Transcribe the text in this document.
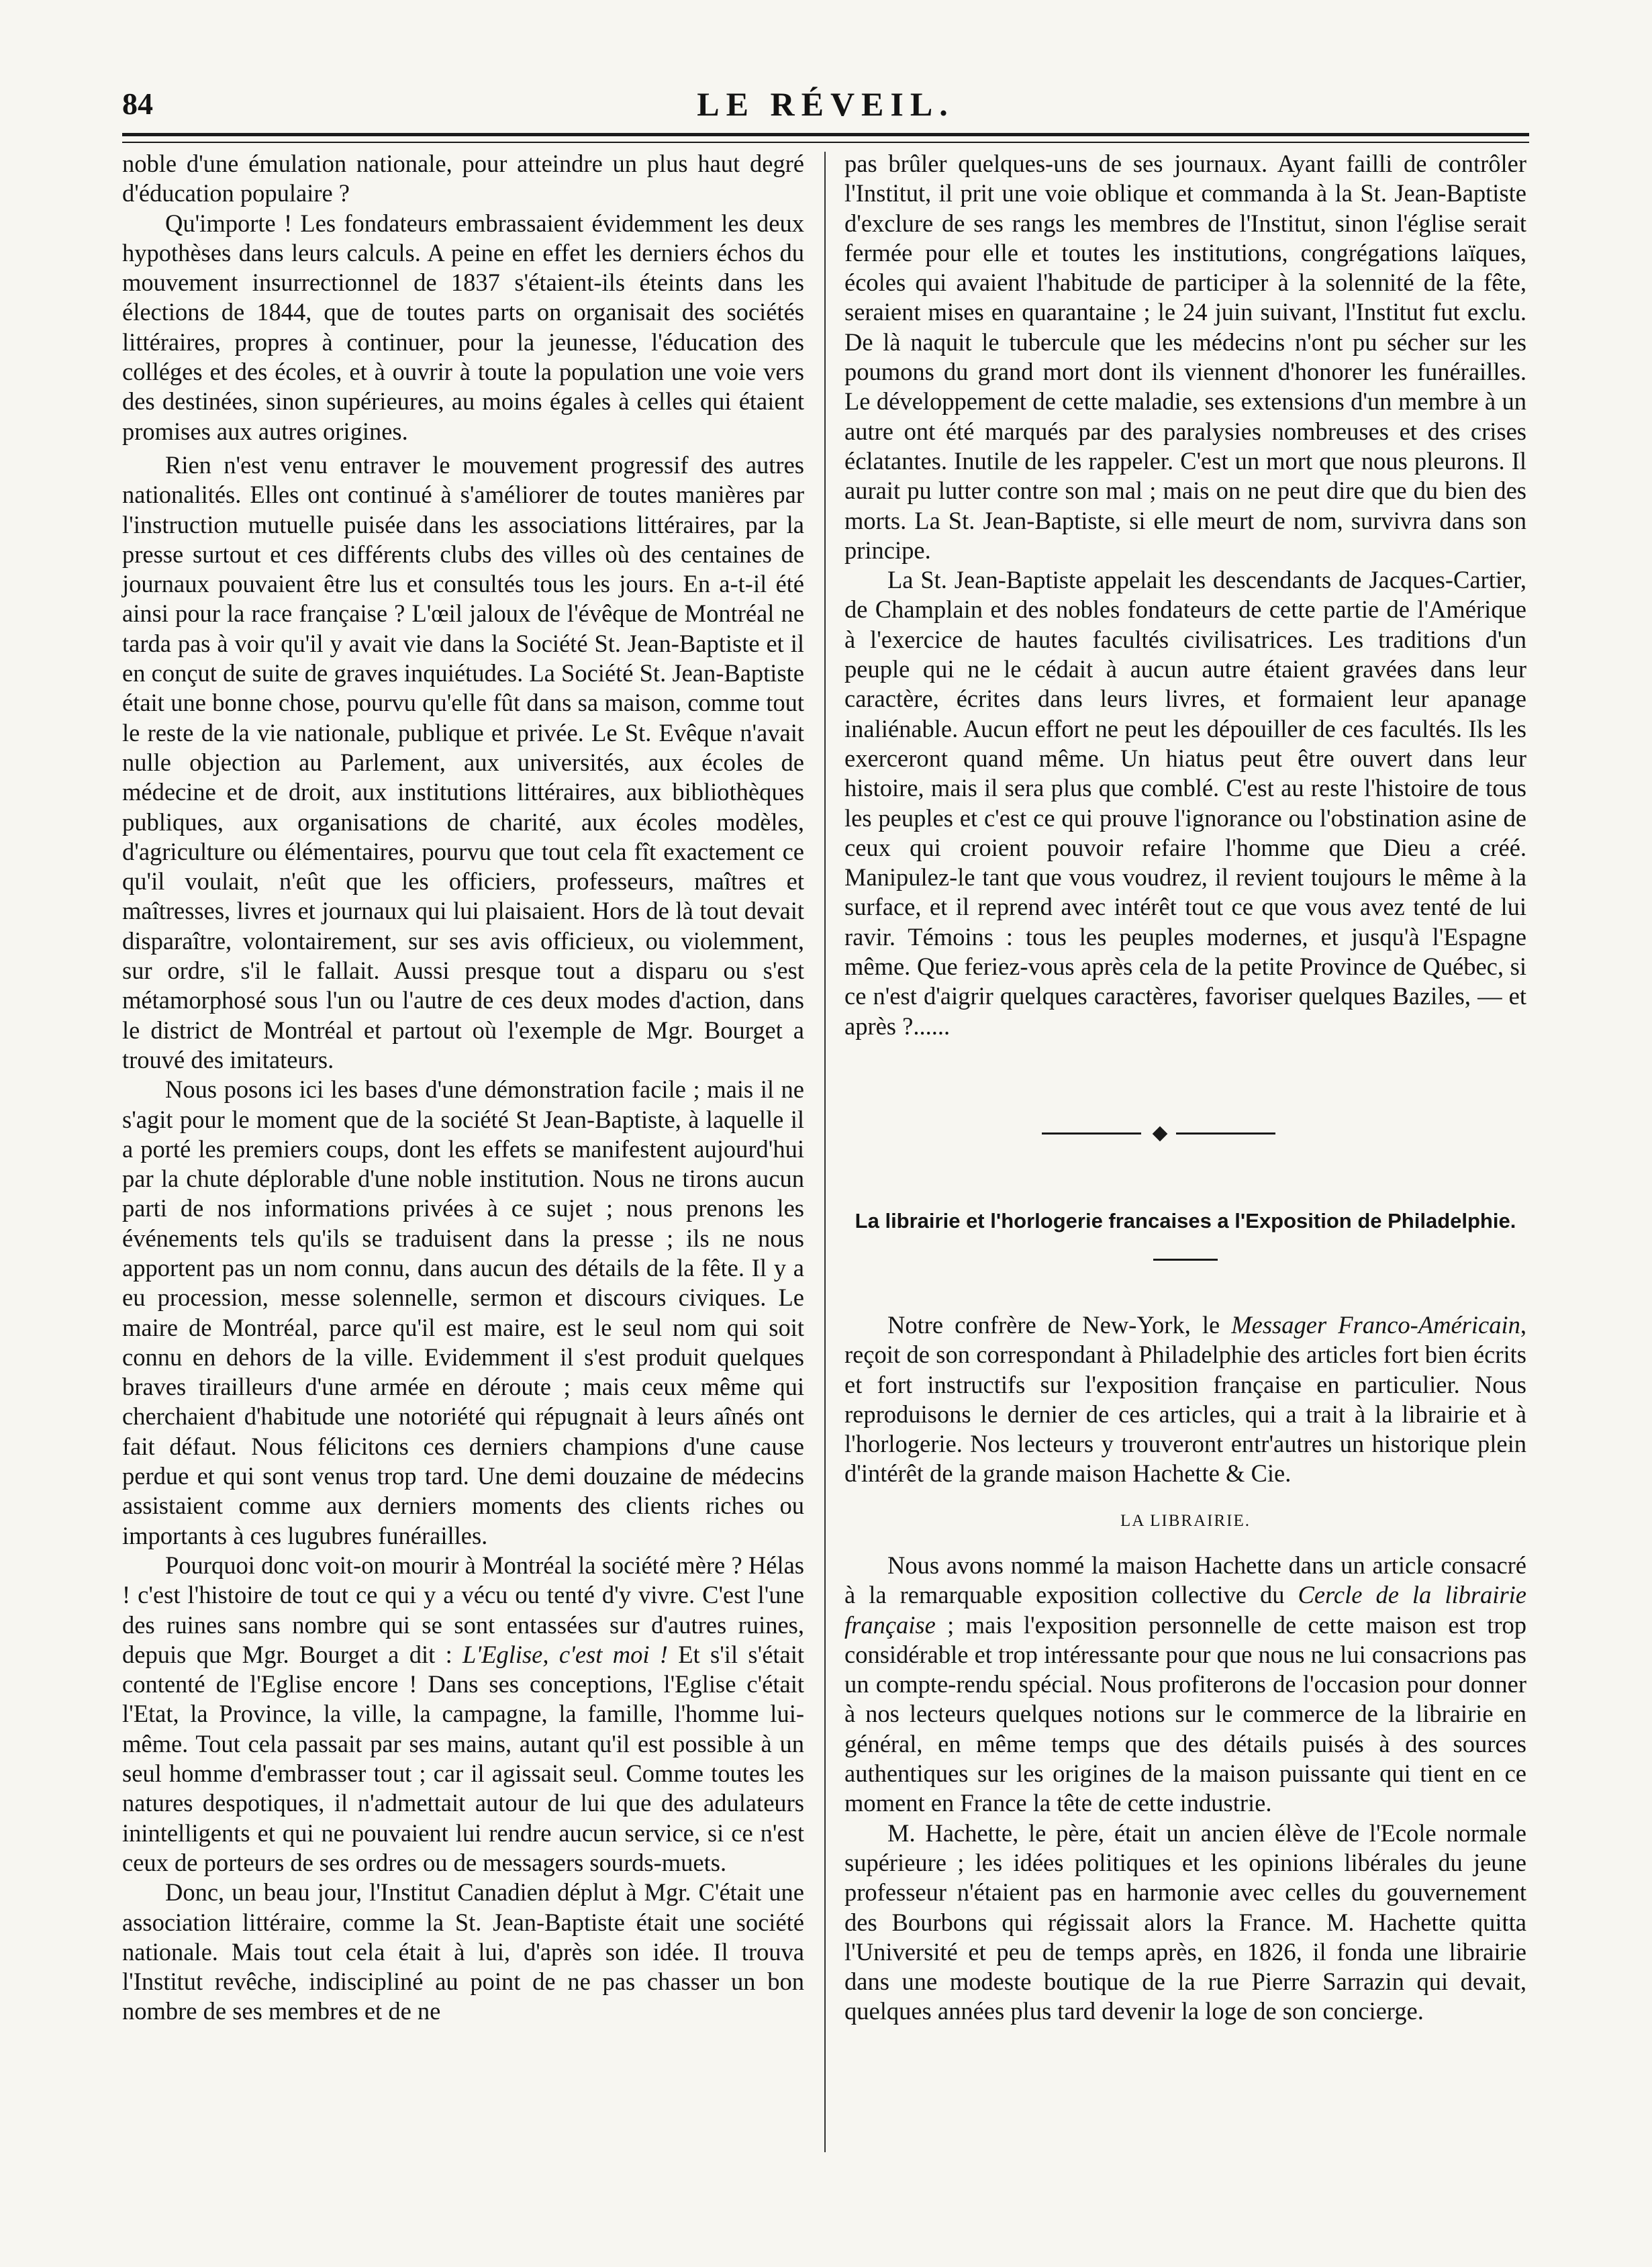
84	LE RÉVEIL.

noble d'une émulation nationale, pour atteindre un plus haut degré d'éducation populaire ?

Qu'importe ! Les fondateurs embrassaient évidemment les deux hypothèses dans leurs calculs. A peine en effet les derniers échos du mouvement insurrectionnel de 1837 s'étaient-ils éteints dans les élections de 1844, que de toutes parts on organisait des sociétés littéraires, propres à continuer, pour la jeunesse, l'éducation des colléges et des écoles, et à ouvrir à toute la population une voie vers des destinées, sinon supérieures, au moins égales à celles qui étaient promises aux autres origines.

Rien n'est venu entraver le mouvement progressif des autres nationalités. Elles ont continué à s'améliorer de toutes manières par l'instruction mutuelle puisée dans les associations littéraires, par la presse surtout et ces différents clubs des villes où des centaines de journaux pouvaient être lus et consultés tous les jours. En a-t-il été ainsi pour la race française ? L'œil jaloux de l'évêque de Montréal ne tarda pas à voir qu'il y avait vie dans la Société St. Jean-Baptiste et il en conçut de suite de graves inquiétudes. La Société St. Jean-Baptiste était une bonne chose, pourvu qu'elle fût dans sa maison, comme tout le reste de la vie nationale, publique et privée. Le St. Evêque n'avait nulle objection au Parlement, aux universités, aux écoles de médecine et de droit, aux institutions littéraires, aux bibliothèques publiques, aux organisations de charité, aux écoles modèles, d'agriculture ou élémentaires, pourvu que tout cela fît exactement ce qu'il voulait, n'eût que les officiers, professeurs, maîtres et maîtresses, livres et journaux qui lui plaisaient. Hors de là tout devait disparaître, volontairement, sur ses avis officieux, ou violemment, sur ordre, s'il le fallait. Aussi presque tout a disparu ou s'est métamorphosé sous l'un ou l'autre de ces deux modes d'action, dans le district de Montréal et partout où l'exemple de Mgr. Bourget a trouvé des imitateurs.

Nous posons ici les bases d'une démonstration facile ; mais il ne s'agit pour le moment que de la société St Jean-Baptiste, à laquelle il a porté les premiers coups, dont les effets se manifestent aujourd'hui par la chute déplorable d'une noble institution. Nous ne tirons aucun parti de nos informations privées à ce sujet ; nous prenons les événements tels qu'ils se traduisent dans la presse ; ils ne nous apportent pas un nom connu, dans aucun des détails de la fête. Il y a eu procession, messe solennelle, sermon et discours civiques. Le maire de Montréal, parce qu'il est maire, est le seul nom qui soit connu en dehors de la ville. Evidemment il s'est produit quelques braves tirailleurs d'une armée en déroute ; mais ceux même qui cherchaient d'habitude une notoriété qui répugnait à leurs aînés ont fait défaut. Nous félicitons ces derniers champions d'une cause perdue et qui sont venus trop tard. Une demi douzaine de médecins assistaient comme aux derniers moments des clients riches ou importants à ces lugubres funérailles.

Pourquoi donc voit-on mourir à Montréal la société mère ? Hélas ! c'est l'histoire de tout ce qui y a vécu ou tenté d'y vivre. C'est l'une des ruines sans nombre qui se sont entassées sur d'autres ruines, depuis que Mgr. Bourget a dit : L'Eglise, c'est moi ! Et s'il s'était contenté de l'Eglise encore ! Dans ses conceptions, l'Eglise c'était l'Etat, la Province, la ville, la campagne, la famille, l'homme lui-même. Tout cela passait par ses mains, autant qu'il est possible à un seul homme d'embrasser tout ; car il agissait seul. Comme toutes les natures despotiques, il n'admettait autour de lui que des adulateurs inintelligents et qui ne pouvaient lui rendre aucun service, si ce n'est ceux de porteurs de ses ordres ou de messagers sourds-muets.

Donc, un beau jour, l'Institut Canadien déplut à Mgr. C'était une association littéraire, comme la St. Jean-Baptiste était une société nationale. Mais tout cela était à lui, d'après son idée. Il trouva l'Institut revêche, indiscipliné au point de ne pas chasser un bon nombre de ses membres et de ne

pas brûler quelques-uns de ses journaux. Ayant failli de contrôler l'Institut, il prit une voie oblique et commanda à la St. Jean-Baptiste d'exclure de ses rangs les membres de l'Institut, sinon l'église serait fermée pour elle et toutes les institutions, congrégations laïques, écoles qui avaient l'habitude de participer à la solennité de la fête, seraient mises en quarantaine ; le 24 juin suivant, l'Institut fut exclu. De là naquit le tubercule que les médecins n'ont pu sécher sur les poumons du grand mort dont ils viennent d'honorer les funérailles. Le développement de cette maladie, ses extensions d'un membre à un autre ont été marqués par des paralysies nombreuses et des crises éclatantes. Inutile de les rappeler. C'est un mort que nous pleurons. Il aurait pu lutter contre son mal ; mais on ne peut dire que du bien des morts. La St. Jean-Baptiste, si elle meurt de nom, survivra dans son principe.

La St. Jean-Baptiste appelait les descendants de Jacques-Cartier, de Champlain et des nobles fondateurs de cette partie de l'Amérique à l'exercice de hautes facultés civilisatrices. Les traditions d'un peuple qui ne le cédait à aucun autre étaient gravées dans leur caractère, écrites dans leurs livres, et formaient leur apanage inaliénable. Aucun effort ne peut les dépouiller de ces facultés. Ils les exerceront quand même. Un hiatus peut être ouvert dans leur histoire, mais il sera plus que comblé. C'est au reste l'histoire de tous les peuples et c'est ce qui prouve l'ignorance ou l'obstination asine de ceux qui croient pouvoir refaire l'homme que Dieu a créé. Manipulez-le tant que vous voudrez, il revient toujours le même à la surface, et il reprend avec intérêt tout ce que vous avez tenté de lui ravir. Témoins : tous les peuples modernes, et jusqu'à l'Espagne même. Que feriez-vous après cela de la petite Province de Québec, si ce n'est d'aigrir quelques caractères, favoriser quelques Baziles, — et après ?......

La librairie et l'horlogerie francaises a l'Exposition de Philadelphie.

Notre confrère de New-York, le Messager Franco-Américain, reçoit de son correspondant à Philadelphie des articles fort bien écrits et fort instructifs sur l'exposition française en particulier. Nous reproduisons le dernier de ces articles, qui a trait à la librairie et à l'horlogerie. Nos lecteurs y trouveront entr'autres un historique plein d'intérêt de la grande maison Hachette & Cie.

LA LIBRAIRIE.

Nous avons nommé la maison Hachette dans un article consacré à la remarquable exposition collective du Cercle de la librairie française ; mais l'exposition personnelle de cette maison est trop considérable et trop intéressante pour que nous ne lui consacrions pas un compte-rendu spécial. Nous profiterons de l'occasion pour donner à nos lecteurs quelques notions sur le commerce de la librairie en général, en même temps que des détails puisés à des sources authentiques sur les origines de la maison puissante qui tient en ce moment en France la tête de cette industrie.

M. Hachette, le père, était un ancien élève de l'Ecole normale supérieure ; les idées politiques et les opinions libérales du jeune professeur n'étaient pas en harmonie avec celles du gouvernement des Bourbons qui régissait alors la France. M. Hachette quitta l'Université et peu de temps après, en 1826, il fonda une librairie dans une modeste boutique de la rue Pierre Sarrazin qui devait, quelques années plus tard devenir la loge de son concierge.
